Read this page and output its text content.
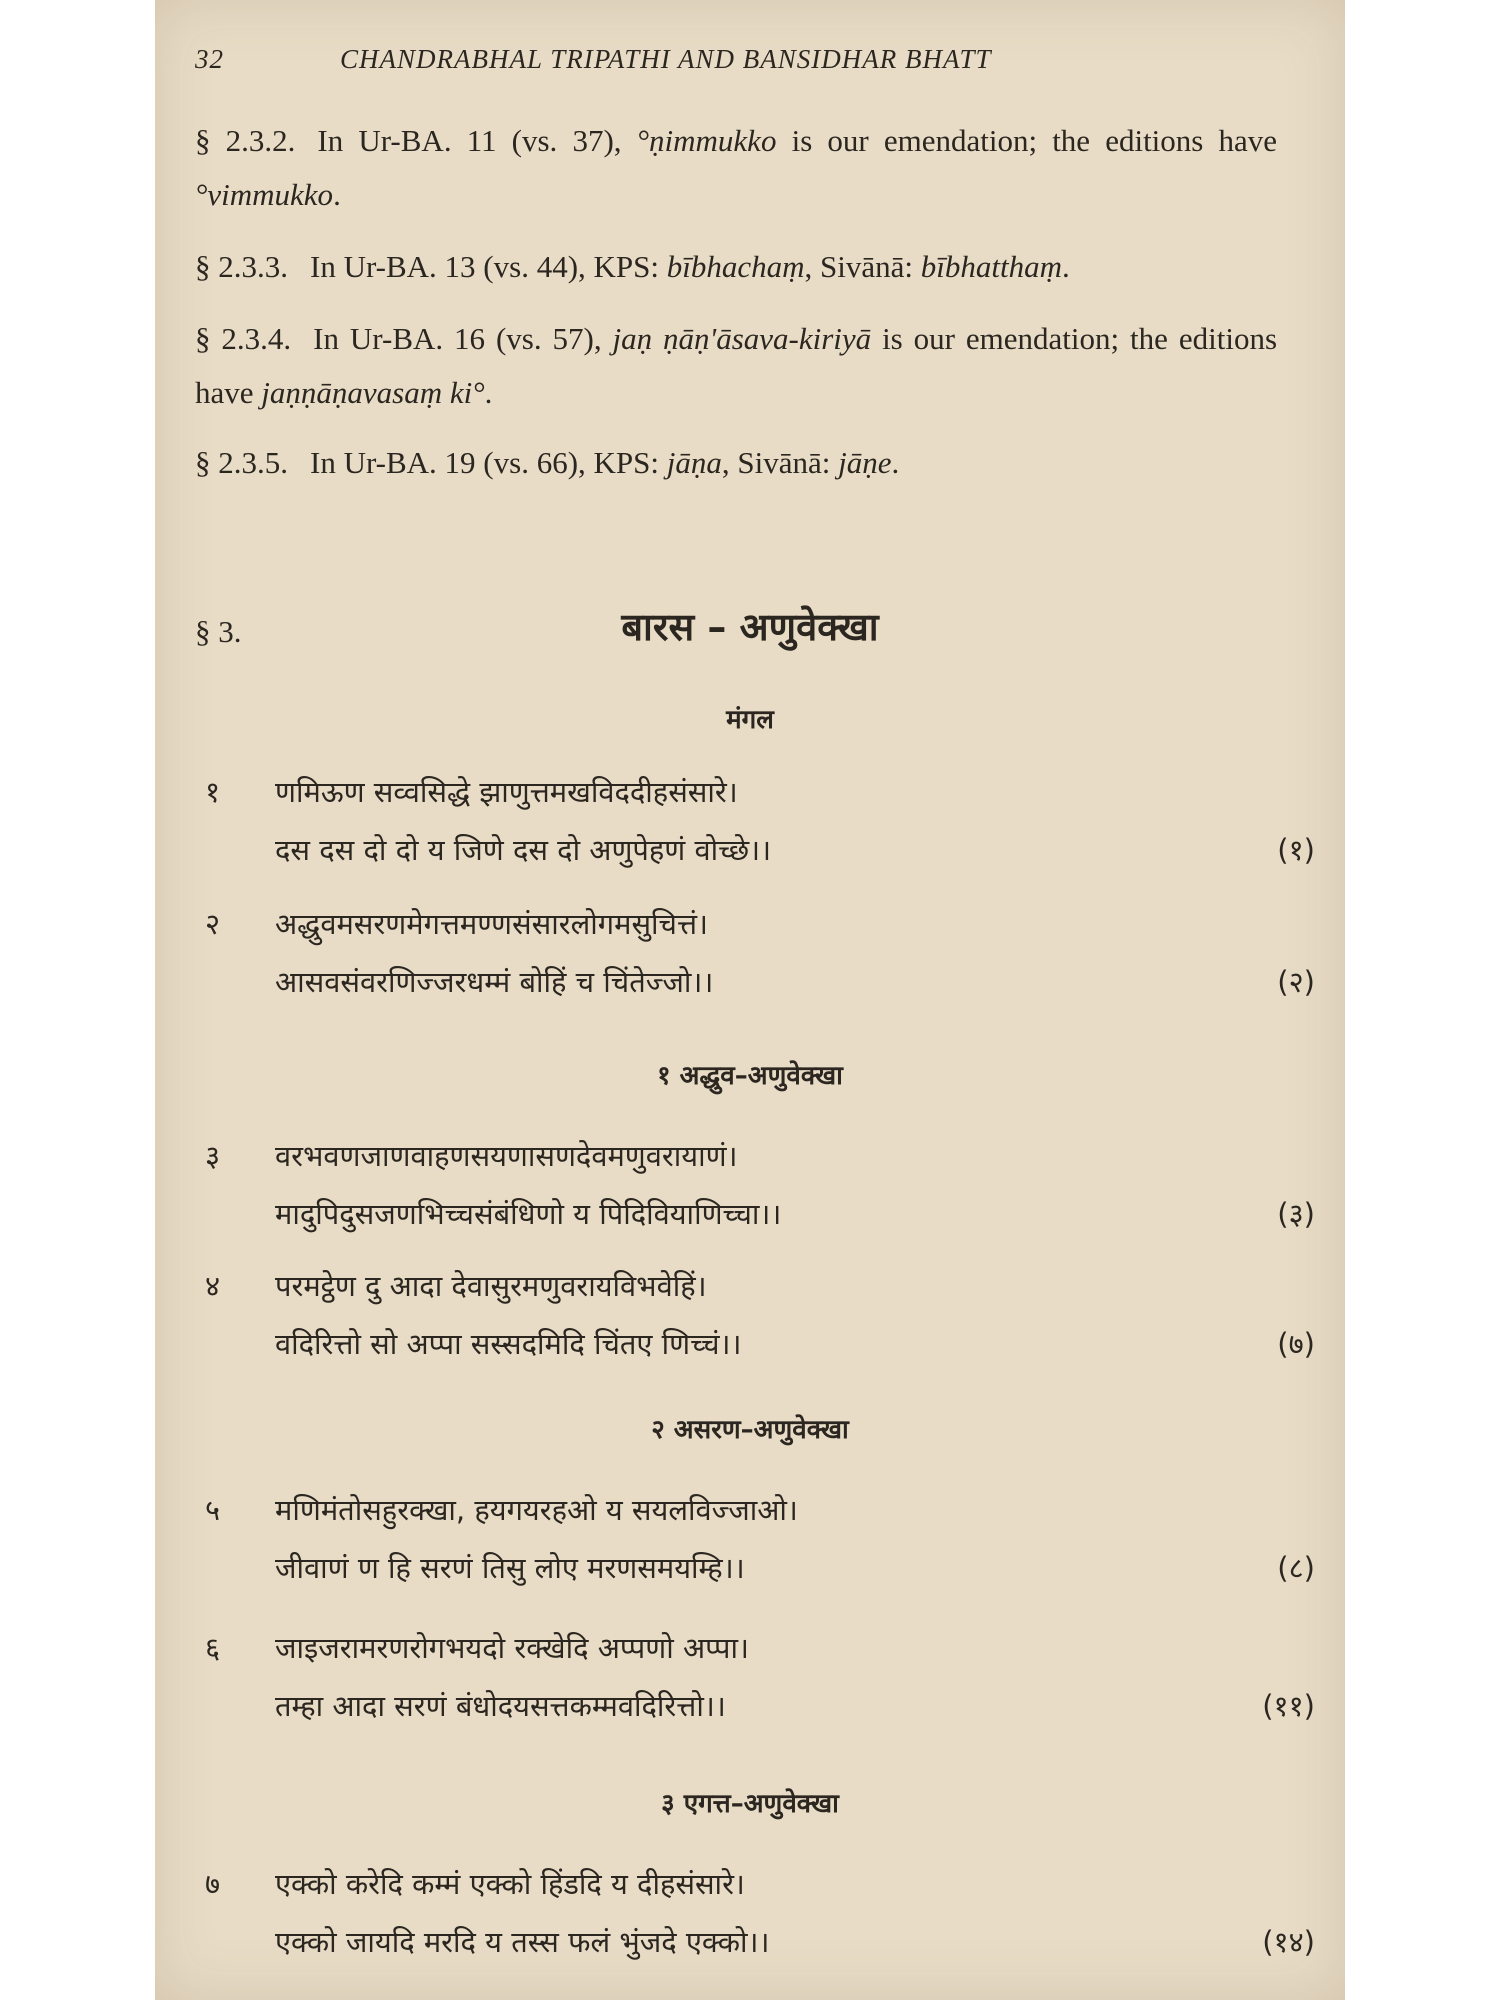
32	CHANDRABHAL TRIPATHI AND BANSIDHAR BHATT
§ 2.3.2. In Ur-BA. 11 (vs. 37), °ṇimmukko is our emendation; the editions have °vimmukko.
§ 2.3.3. In Ur-BA. 13 (vs. 44), KPS: bībhachaṃ, Sivānā: bībhatthaṃ.
§ 2.3.4. In Ur-BA. 16 (vs. 57), jaṇ ṇāṇ'āsava-kiriyā is our emendation; the editions have jaṇṇāṇavasaṃ ki°.
§ 2.3.5. In Ur-BA. 19 (vs. 66), KPS: jāṇa, Sivānā: jāṇe.
§ 3.	बारस – अणुवेक्खा
मंगल
१ णमिऊण सव्वसिद्धे झाणुत्तमखविददीहसंसारे।
दस दस दो दो य जिणे दस दो अणुपेहणं वोच्छे।।	(१)
२ अद्धुवमसरणमेगत्तमण्णसंसारलोगमसुचित्तं।
आसवसंवरणिज्जरधम्मं बोहिं च चिंतेज्जो।।	(२)
१ अद्धुव–अणुवेक्खा
३ वरभवणजाणवाहणसयणासणदेवमणुवरायाणं।
मादुपिदुसजणभिच्चसंबंधिणो य पिदिवियाणिच्चा।।	(३)
४ परमट्ठेण दु आदा देवासुरमणुवरायविभवेहिं।
वदिरित्तो सो अप्पा सस्सदमिदि चिंतए णिच्चं।।	(७)
२ असरण–अणुवेक्खा
५ मणिमंतोसहुरक्खा, हयगयरहओ य सयलविज्जाओ।
जीवाणं ण हि सरणं तिसु लोए मरणसमयम्हि।।	(८)
६ जाइजरामरणरोगभयदो रक्खेदि अप्पणो अप्पा।
तम्हा आदा सरणं बंधोदयसत्तकम्मवदिरित्तो।।	(११)
३ एगत्त–अणुवेक्खा
७ एक्को करेदि कम्मं एक्को हिंडदि य दीहसंसारे।
एक्को जायदि मरदि य तस्स फलं भुंजदे एक्को।।	(१४)
